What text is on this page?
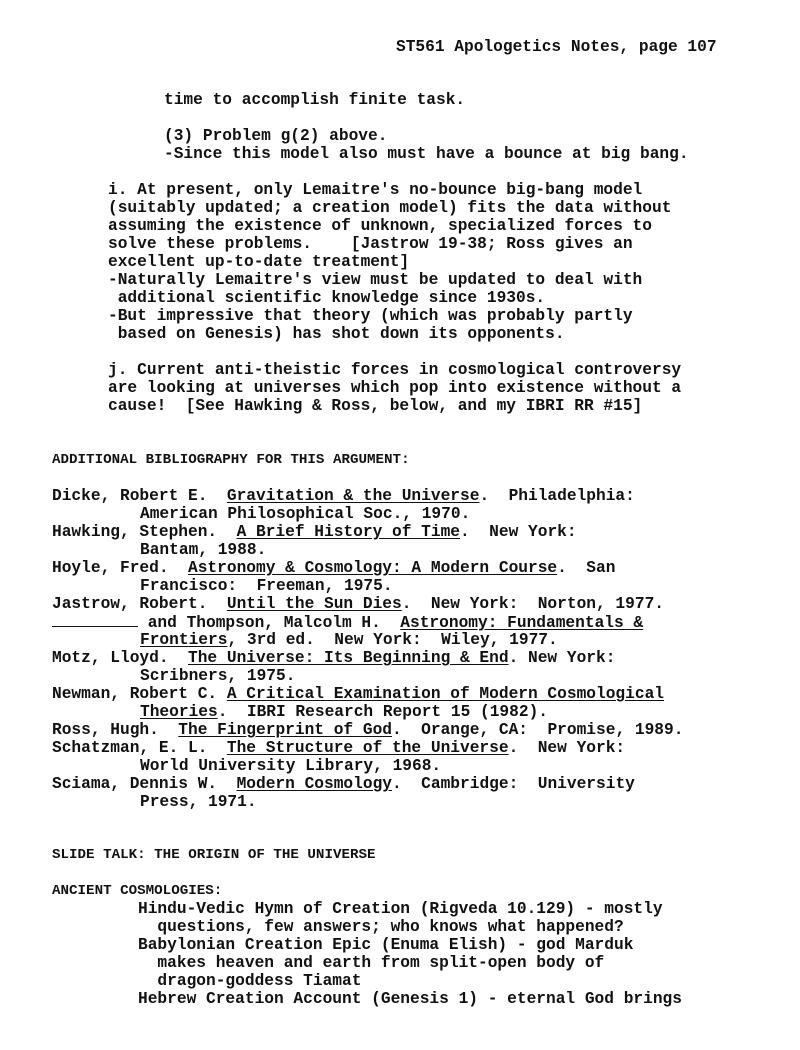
ST561 Apologetics Notes, page 107
time to accomplish finite task.
(3) Problem g(2) above.
-Since this model also must have a bounce at big bang.
i. At present, only Lemaitre's no-bounce big-bang model
(suitably updated; a creation model) fits the data without
assuming the existence of unknown, specialized forces to
solve these problems.    [Jastrow 19-38; Ross gives an
excellent up-to-date treatment]
-Naturally Lemaitre's view must be updated to deal with
additional scientific knowledge since 1930s.
-But impressive that theory (which was probably partly
based on Genesis) has shot down its opponents.
j. Current anti-theistic forces in cosmological controversy
are looking at universes which pop into existence without a
cause!  [See Hawking & Ross, below, and my IBRI RR #15]
ADDITIONAL BIBLIOGRAPHY FOR THIS ARGUMENT:
Dicke, Robert E.  Gravitation & the Universe.  Philadelphia:
American Philosophical Soc., 1970.
Hawking, Stephen.  A Brief History of Time.  New York:
Bantam, 1988.
Hoyle, Fred.  Astronomy & Cosmology: A Modern Course.  San
Francisco:  Freeman, 1975.
Jastrow, Robert.  Until the Sun Dies.  New York:  Norton, 1977.
and Thompson, Malcolm H.  Astronomy: Fundamentals &
Frontiers, 3rd ed.  New York:  Wiley, 1977.
Motz, Lloyd.  The Universe: Its Beginning & End. New York:
Scribners, 1975.
Newman, Robert C. A Critical Examination of Modern Cosmological
Theories.  IBRI Research Report 15 (1982).
Ross, Hugh.  The Fingerprint of God.  Orange, CA:  Promise, 1989.
Schatzman, E. L.  The Structure of the Universe.  New York:
World University Library, 1968.
Sciama, Dennis W.  Modern Cosmology.  Cambridge:  University
Press, 1971.
SLIDE TALK: THE ORIGIN OF THE UNIVERSE
ANCIENT COSMOLOGIES:
Hindu-Vedic Hymn of Creation (Rigveda 10.129) - mostly
questions, few answers; who knows what happened?
Babylonian Creation Epic (Enuma Elish) - god Marduk
makes heaven and earth from split-open body of
dragon-goddess Tiamat
Hebrew Creation Account (Genesis 1) - eternal God brings
